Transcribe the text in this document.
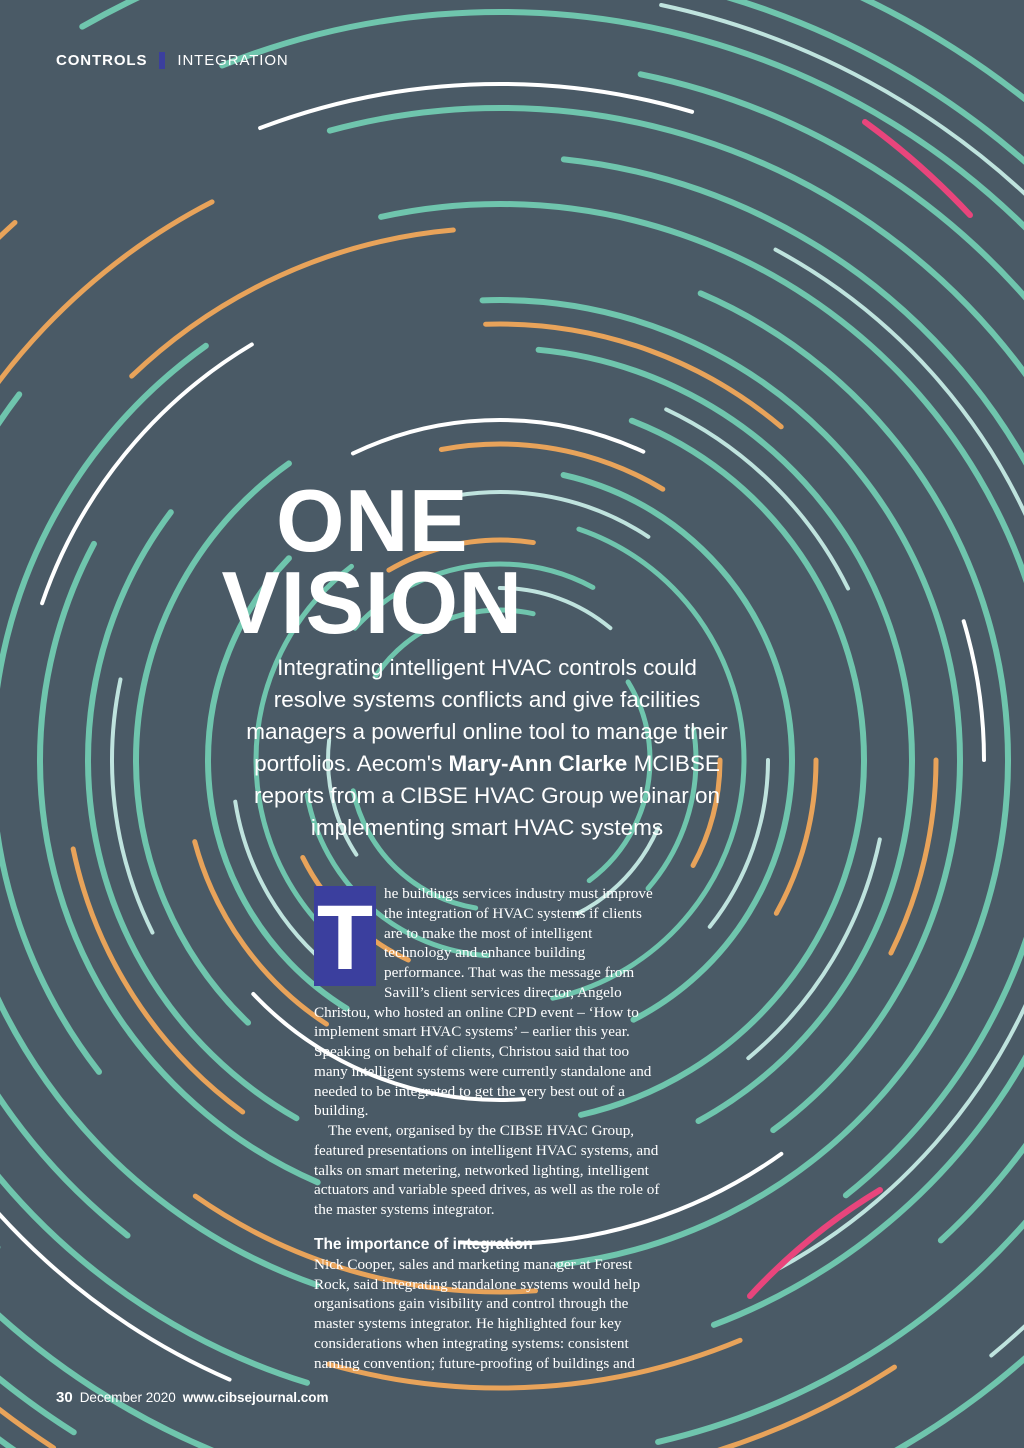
CONTROLS INTEGRATION
ONE
VISION
Integrating intelligent HVAC controls could resolve systems conflicts and give facilities managers a powerful online tool to manage their portfolios. Aecom's Mary-Ann Clarke MCIBSE reports from a CIBSE HVAC Group webinar on implementing smart HVAC systems
T he buildings services industry must improve the integration of HVAC systems if clients are to make the most of intelligent technology and enhance building performance. That was the message from Savill’s client services director, Angelo Christou, who hosted an online CPD event – ‘How to implement smart HVAC systems’ – earlier this year. Speaking on behalf of clients, Christou said that too many intelligent systems were currently standalone and needed to be integrated to get the very best out of a building.

The event, organised by the CIBSE HVAC Group, featured presentations on intelligent HVAC systems, and talks on smart metering, networked lighting, intelligent actuators and variable speed drives, as well as the role of the master systems integrator.

The importance of integration

Nick Cooper, sales and marketing manager at Forest Rock, said integrating standalone systems would help organisations gain visibility and control through the master systems integrator. He highlighted four key considerations when integrating systems: consistent naming convention; future-proofing of buildings and

30 December 2020 www.cibsejournal.com
